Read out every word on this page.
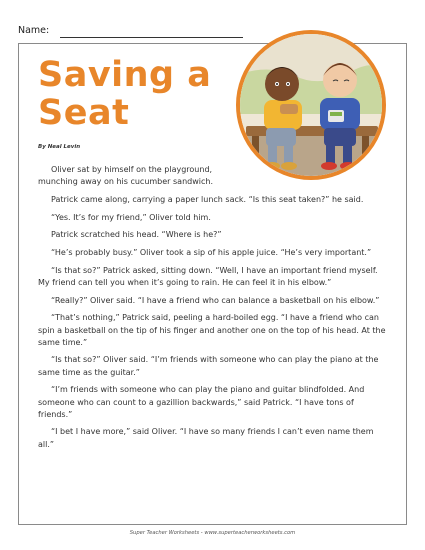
Name:
Saving a
Seat
By Neal Levin

Oliver sat by himself on the playground, munching away on his cucumber sandwich.

Patrick came along, carrying a paper lunch sack. “Is this seat taken?” he said.

“Yes. It’s for my friend,” Oliver told him.

Patrick scratched his head. “Where is he?”

“He’s probably busy.” Oliver took a sip of his apple juice. “He’s very important.”

“Is that so?” Patrick asked, sitting down. “Well, I have an important friend myself. My friend can tell you when it’s going to rain. He can feel it in his elbow.”

“Really?” Oliver said. “I have a friend who can balance a basketball on his elbow.”

“That’s nothing,” Patrick said, peeling a hard-boiled egg. “I have a friend who can spin a basketball on the tip of his finger and another one on the top of his head. At the same time.”

“Is that so?” Oliver said. “I’m friends with someone who can play the piano at the same time as the guitar.”

“I’m friends with someone who can play the piano and guitar blindfolded. And someone who can count to a gazillion backwards,” said Patrick. “I have tons of friends.”

“I bet I have more,” said Oliver. “I have so many friends I can’t even name them all.”

Super Teacher Worksheets - www.superteacherworksheets.com
